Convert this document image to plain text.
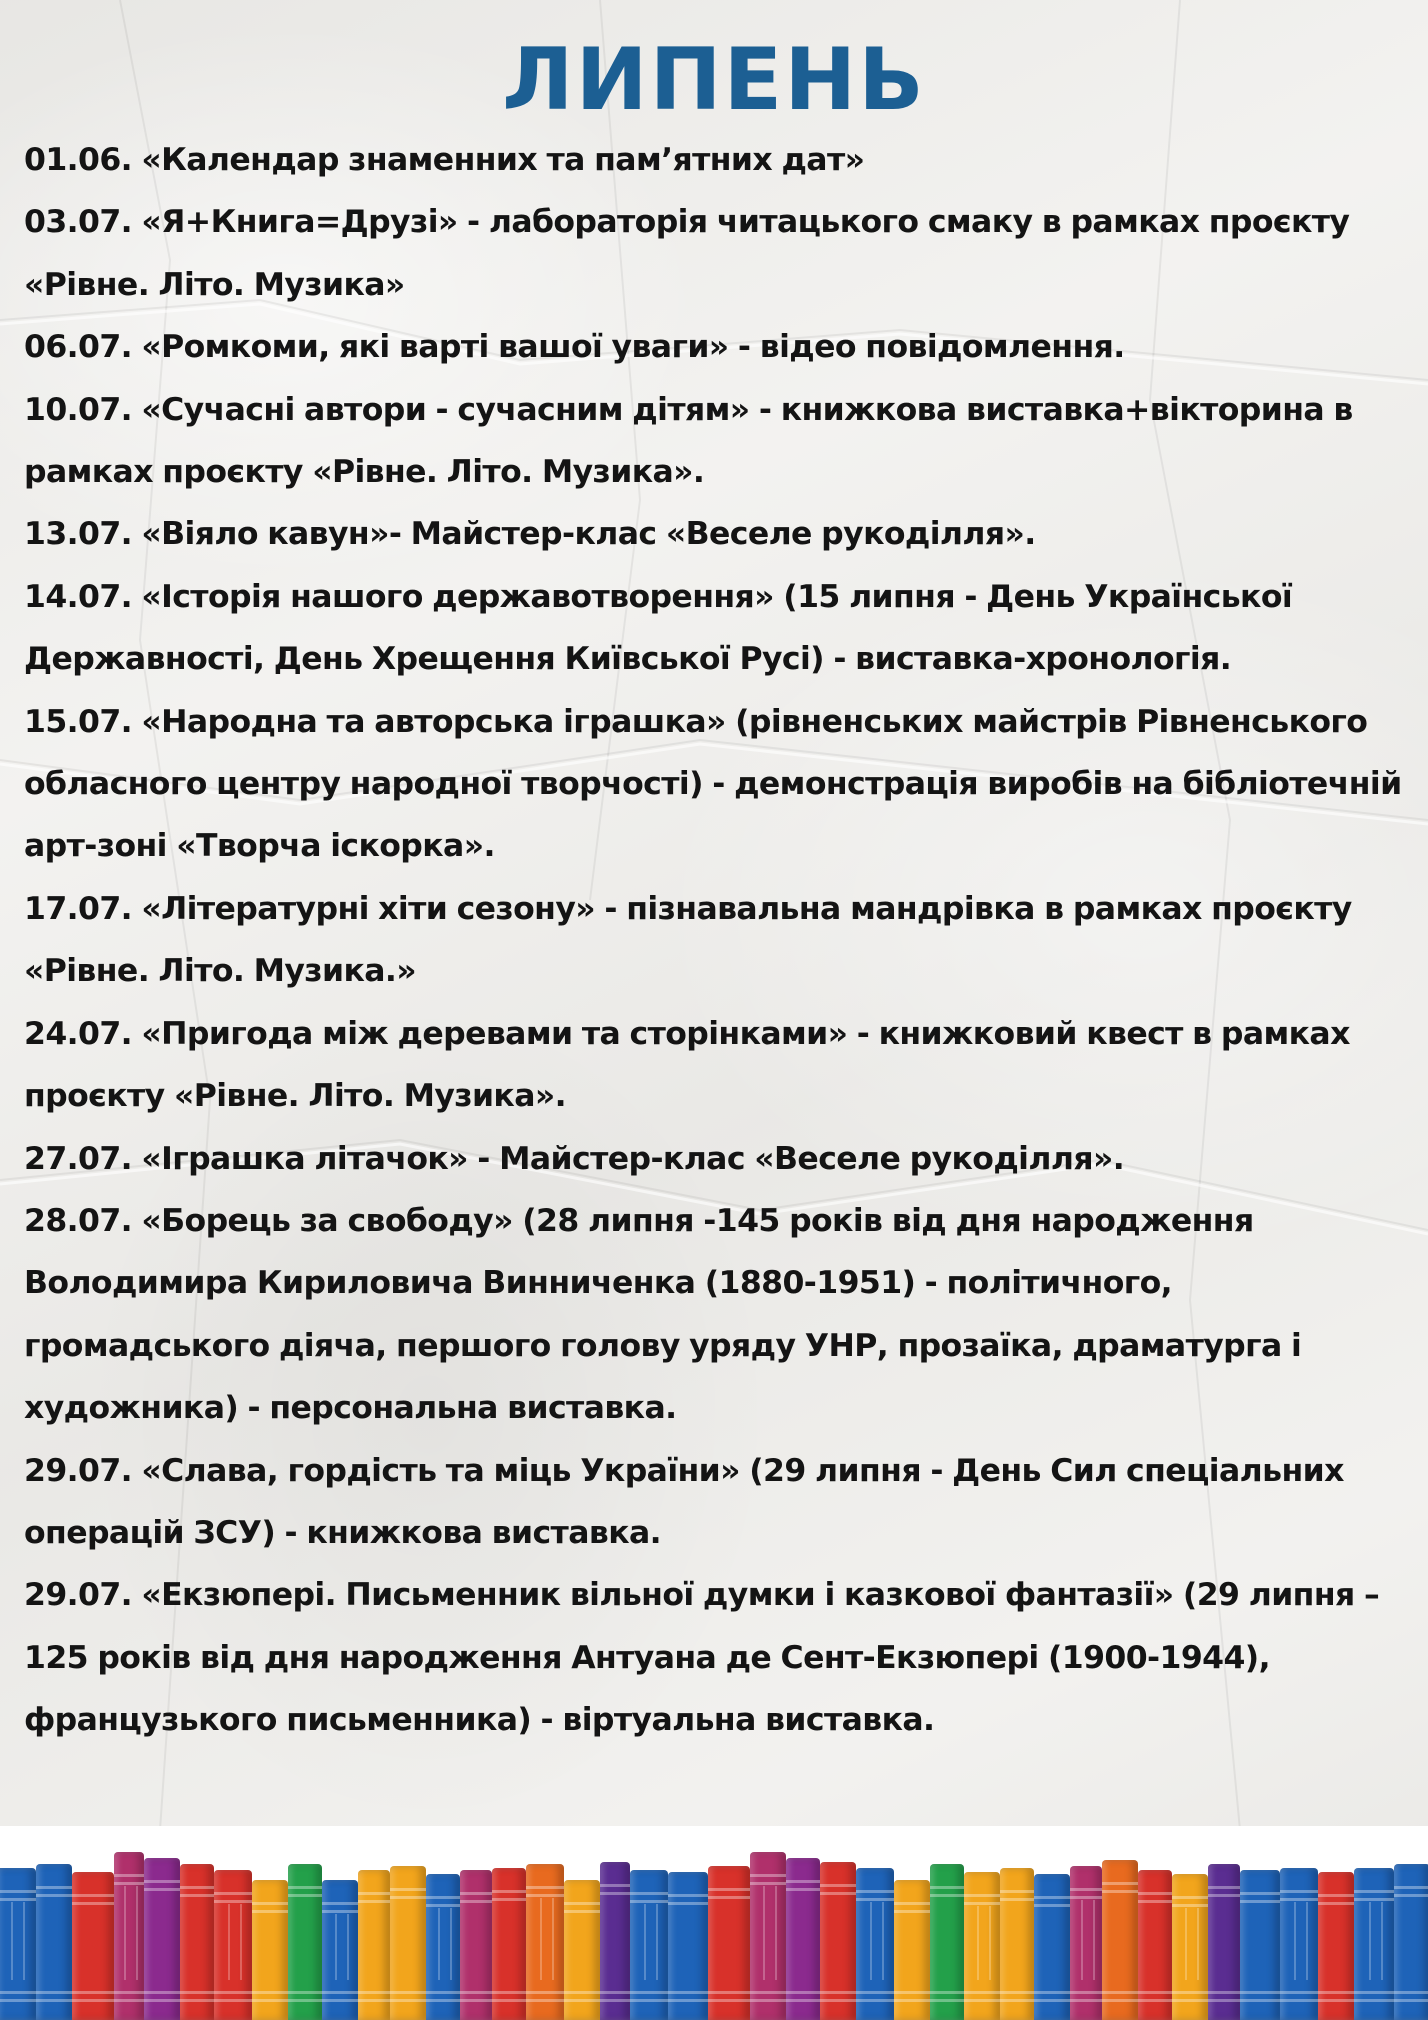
ЛИПЕНЬ
01.06. «Календар знаменних та пам’ятних дат»
03.07. «Я+Книга=Друзі» - лабораторія читацького смаку в рамках проєкту «Рівне. Літо. Музика»
06.07. «Ромкоми, які варті вашої уваги» - відео повідомлення.
10.07. «Сучасні автори - сучасним дітям» - книжкова виставка+вікторина в рамках проєкту «Рівне. Літо. Музика».
13.07. «Віяло кавун»- Майстер-клас «Веселе рукоділля».
14.07. «Історія нашого державотворення» (15 липня - День Української Державності, День Хрещення Київської Русі) - виставка-хронологія.
15.07. «Народна та авторська іграшка» (рівненських майстрів Рівненського обласного центру народної творчості) - демонстрація виробів на бібліотечній арт-зоні «Творча іскорка».
17.07. «Літературні хіти сезону» - пізнавальна мандрівка в рамках проєкту «Рівне. Літо. Музика.»
24.07. «Пригода між деревами та сторінками» - книжковий квест в рамках проєкту «Рівне. Літо. Музика».
27.07. «Іграшка літачок» - Майстер-клас «Веселе рукоділля».
28.07. «Борець за свободу» (28 липня -145 років від дня народження Володимира Кириловича Винниченка (1880-1951) - політичного, громадського діяча, першого голову уряду УНР, прозаїка, драматурга і художника) - персональна виставка.
29.07. «Слава, гордість та міць України» (29 липня - День Сил спеціальних операцій ЗСУ) - книжкова виставка.
29.07. «Екзюпері. Письменник вільної думки і казкової фантазії» (29 липня – 125 років від дня народження Антуана де Сент-Екзюпері (1900-1944), французького письменника) - віртуальна виставка.
